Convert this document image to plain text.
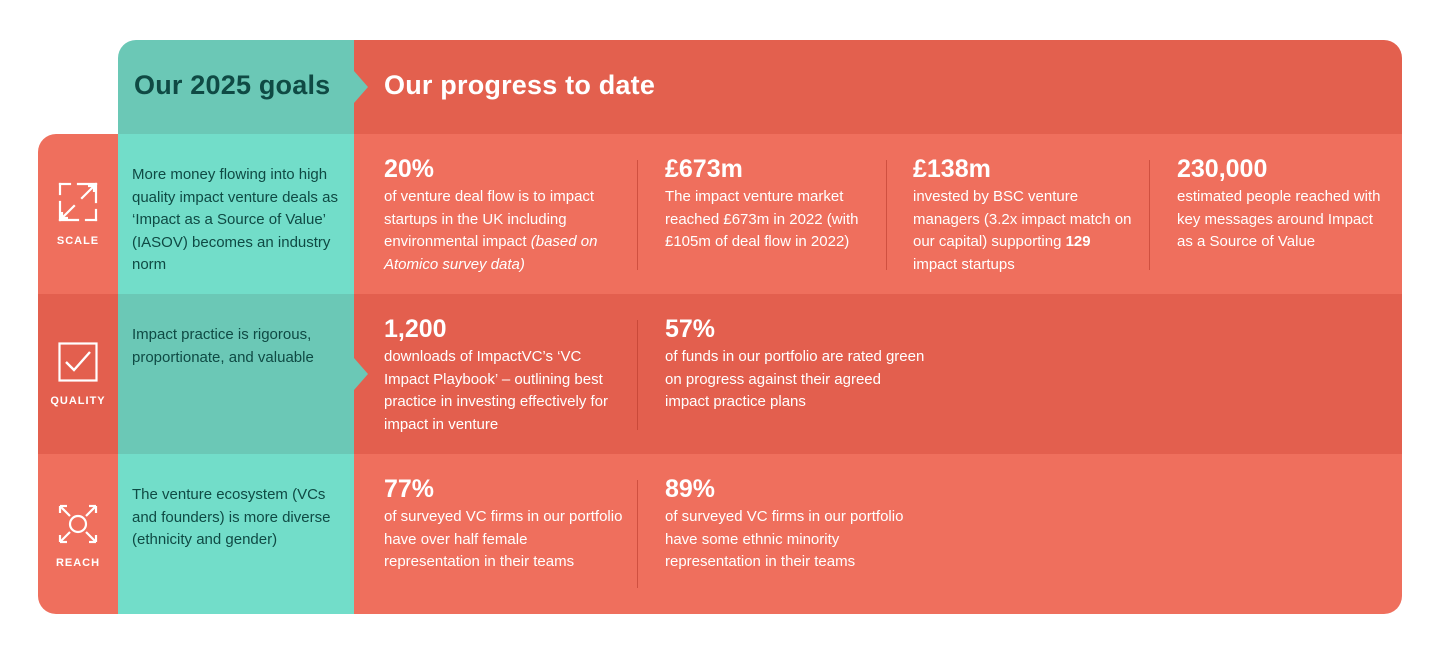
Our 2025 goals Our progress to date
SCALE
More money flowing into high quality impact venture deals as ‘Impact as a Source of Value’ (IASOV) becomes an industry norm
20%
of venture deal flow is to impact startups in the UK including environmental impact (based on Atomico survey data)
£673m
The impact venture market reached £673m in 2022 (with £105m of deal flow in 2022)
£138m
invested by BSC venture managers (3.2x impact match on our capital) supporting 129 impact startups
230,000
estimated people reached with key messages around Impact as a Source of Value
QUALITY
Impact practice is rigorous, proportionate, and valuable
1,200
downloads of ImpactVC’s ‘VC Impact Playbook’ – outlining best practice in investing effectively for impact in venture
57%
of funds in our portfolio are rated green on progress against their agreed impact practice plans
REACH
The venture ecosystem (VCs and founders) is more diverse (ethnicity and gender)
77%
of surveyed VC firms in our portfolio have over half female representation in their teams
89%
of surveyed VC firms in our portfolio have some ethnic minority representation in their teams
